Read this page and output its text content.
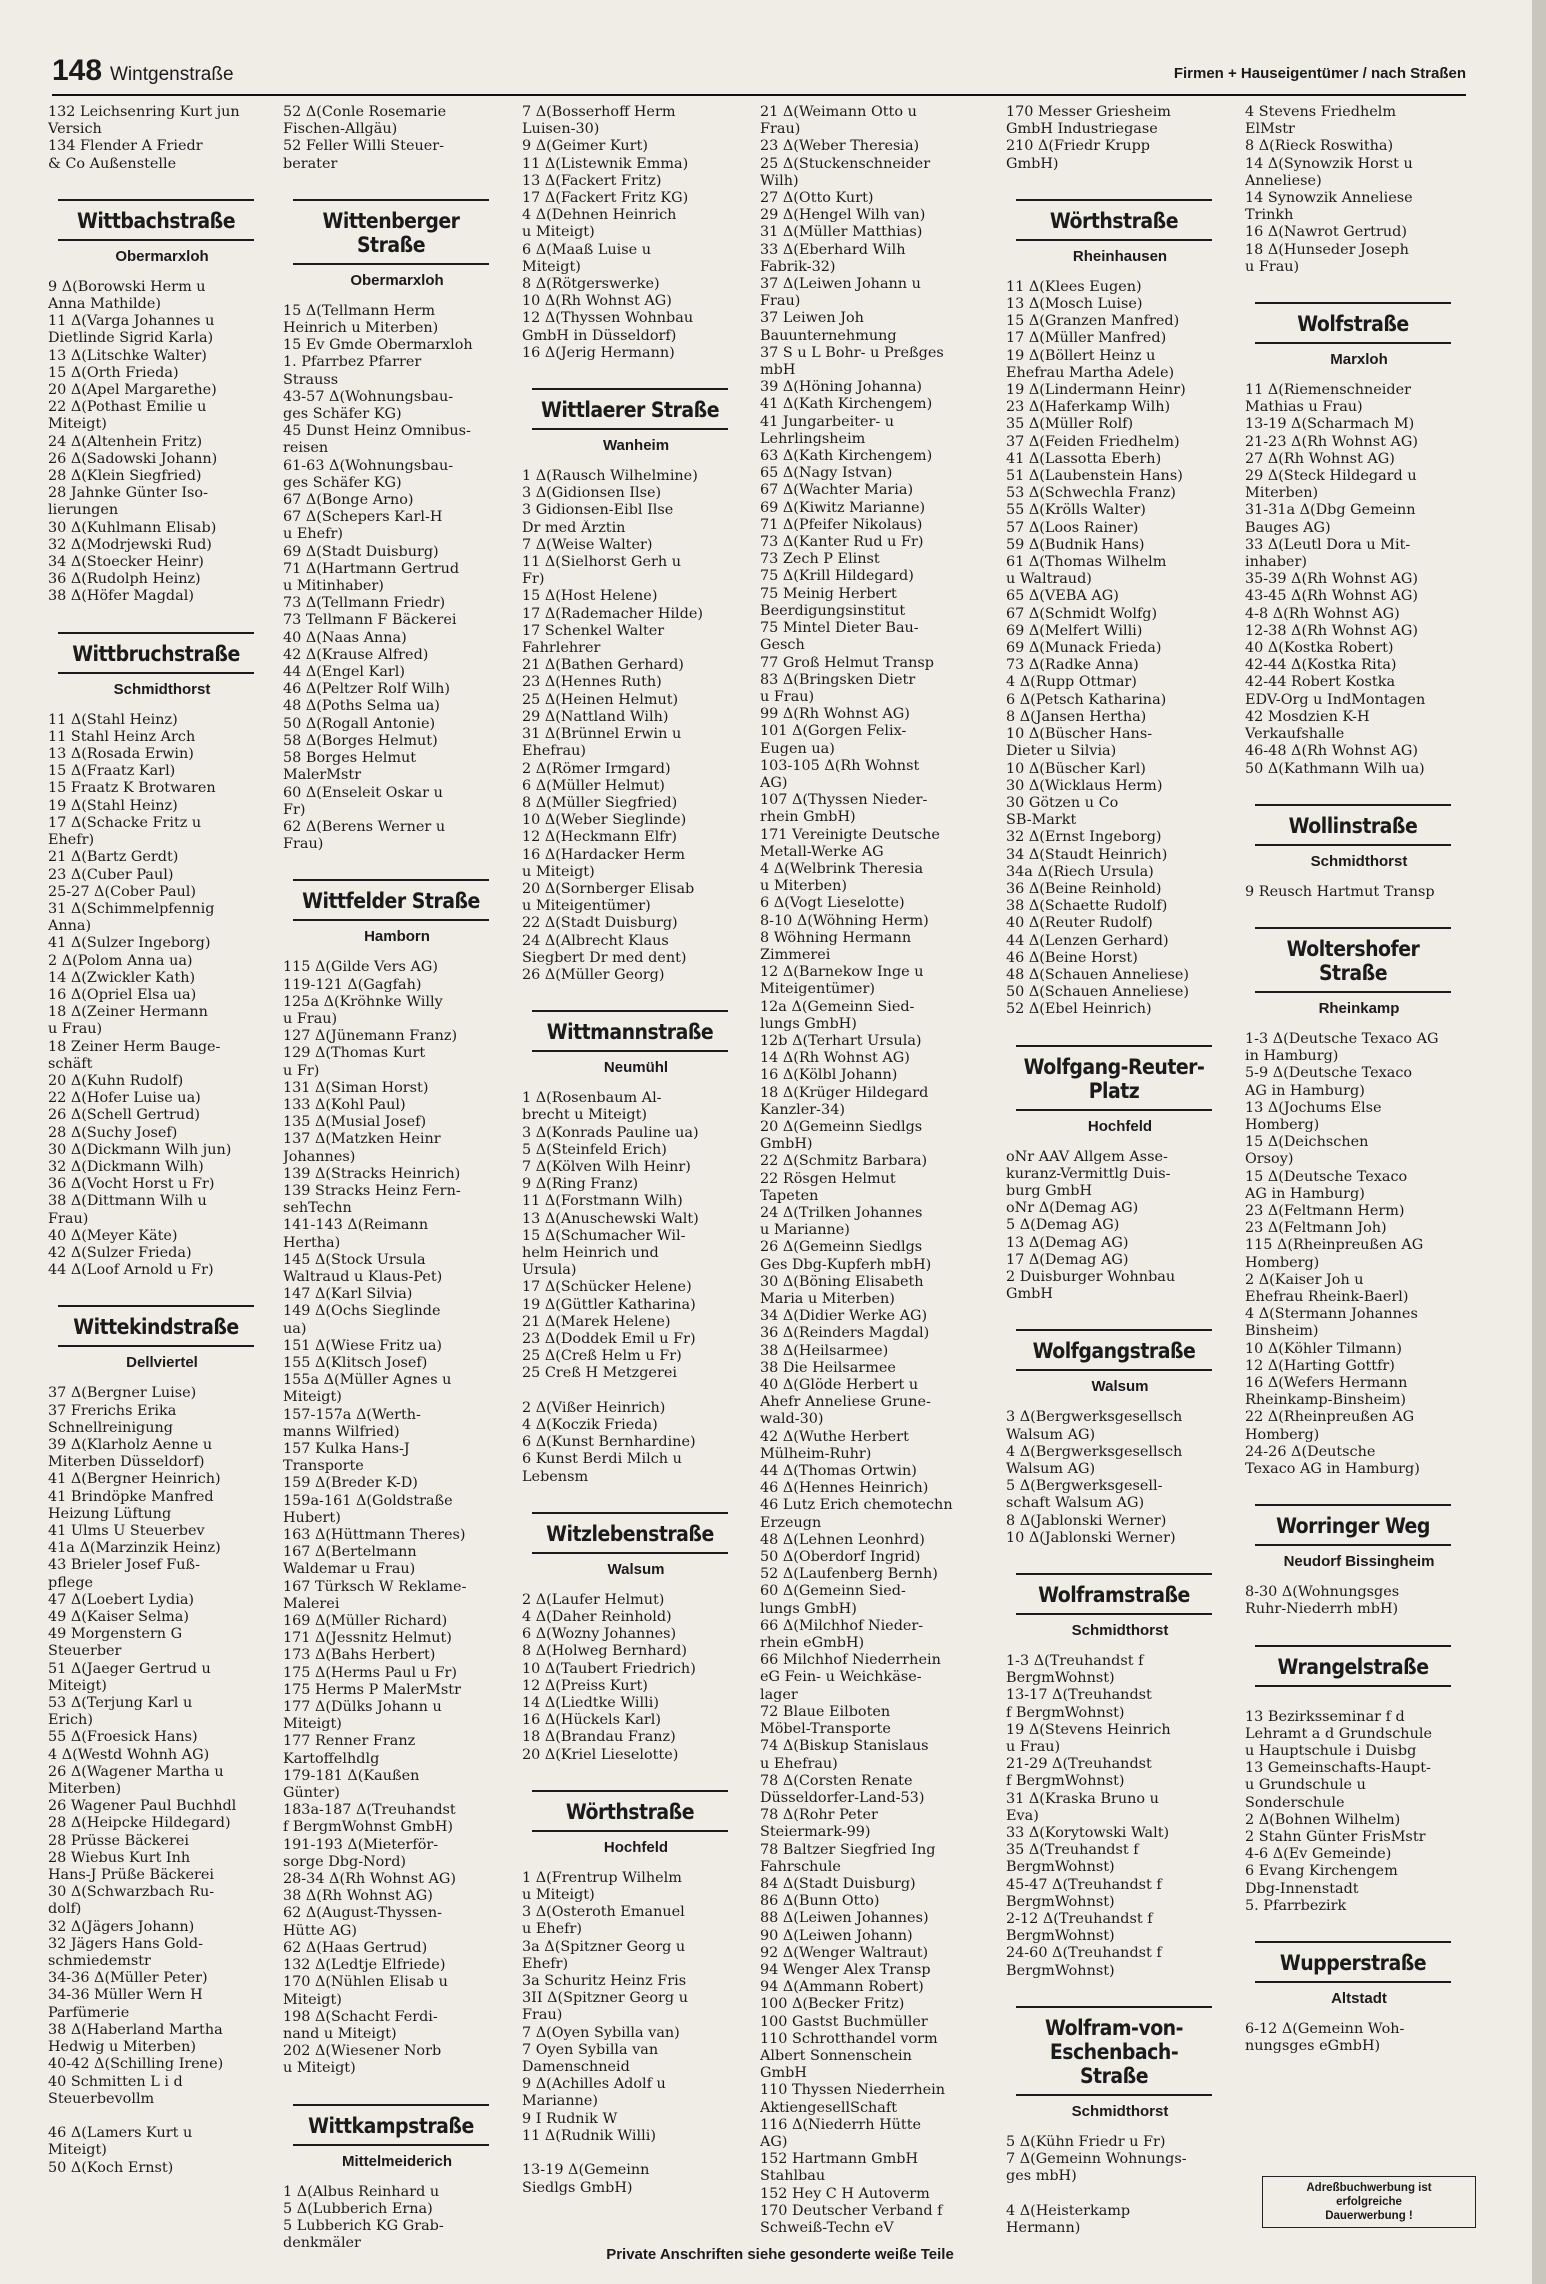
148 Wintgenstraße	Firmen + Hauseigentümer / nach Straßen
132 Leichsenring Kurt jun
Versich
134 Flender A Friedr
& Co Außenstelle
Wittbachstraße
Obermarxloh
9 Δ(Borowski Herm u
Anna Mathilde)
11 Δ(Varga Johannes u
Dietlinde Sigrid Karla)
13 Δ(Litschke Walter)
15 Δ(Orth Frieda)
20 Δ(Apel Margarethe)
22 Δ(Pothast Emilie u
Miteigt)
24 Δ(Altenhein Fritz)
26 Δ(Sadowski Johann)
28 Δ(Klein Siegfried)
28 Jahnke Günter Iso-
lierungen
30 Δ(Kuhlmann Elisab)
32 Δ(Modrjewski Rud)
34 Δ(Stoecker Heinr)
36 Δ(Rudolph Heinz)
38 Δ(Höfer Magdal)
Wittbruchstraße
Schmidthorst
11 Δ(Stahl Heinz)
11 Stahl Heinz Arch
13 Δ(Rosada Erwin)
15 Δ(Fraatz Karl)
15 Fraatz K Brotwaren
19 Δ(Stahl Heinz)
17 Δ(Schacke Fritz u
Ehefr)
21 Δ(Bartz Gerdt)
23 Δ(Cuber Paul)
25-27 Δ(Cober Paul)
31 Δ(Schimmelpfennig
Anna)
41 Δ(Sulzer Ingeborg)
2 Δ(Polom Anna ua)
14 Δ(Zwickler Kath)
16 Δ(Opriel Elsa ua)
18 Δ(Zeiner Hermann
u Frau)
18 Zeiner Herm Bauge-
schäft
20 Δ(Kuhn Rudolf)
22 Δ(Hofer Luise ua)
26 Δ(Schell Gertrud)
28 Δ(Suchy Josef)
30 Δ(Dickmann Wilh jun)
32 Δ(Dickmann Wilh)
36 Δ(Vocht Horst u Fr)
38 Δ(Dittmann Wilh u
Frau)
40 Δ(Meyer Käte)
42 Δ(Sulzer Frieda)
44 Δ(Loof Arnold u Fr)
Wittekindstraße
Dellviertel
37 Δ(Bergner Luise)
37 Frerichs Erika
Schnellreinigung
39 Δ(Klarholz Aenne u
Miterben Düsseldorf)
41 Δ(Bergner Heinrich)
41 Brindöpke Manfred
Heizung Lüftung
41 Ulms U Steuerbev
41a Δ(Marzinzik Heinz)
43 Brieler Josef Fuß-
pflege
47 Δ(Loebert Lydia)
49 Δ(Kaiser Selma)
49 Morgenstern G
Steuerber
51 Δ(Jaeger Gertrud u
Miteigt)
53 Δ(Terjung Karl u
Erich)
55 Δ(Froesick Hans)
4 Δ(Westd Wohnh AG)
26 Δ(Wagener Martha u
Miterben)
26 Wagener Paul Buchhdl
28 Δ(Heipcke Hildegard)
28 Prüsse Bäckerei
28 Wiebus Kurt Inh
Hans-J Prüße Bäckerei
30 Δ(Schwarzbach Ru-
dolf)
32 Δ(Jägers Johann)
32 Jägers Hans Gold-
schmiedemstr
34-36 Δ(Müller Peter)
34-36 Müller Wern H
Parfümerie
38 Δ(Haberland Martha
Hedwig u Miterben)
40-42 Δ(Schilling Irene)
40 Schmitten L i d
Steuerbevollm

46 Δ(Lamers Kurt u
Miteigt)
50 Δ(Koch Ernst)
52 Δ(Conle Rosemarie
Fischen-Allgäu)
52 Feller Willi Steuer-
berater
Wittenberger Straße
Obermarxloh
15 Δ(Tellmann Herm
Heinrich u Miterben)
15 Ev Gmde Obermarxloh
1. Pfarrbez Pfarrer
Strauss
43-57 Δ(Wohnungsbau-
ges Schäfer KG)
45 Dunst Heinz Omnibus-
reisen
61-63 Δ(Wohnungsbau-
ges Schäfer KG)
67 Δ(Bonge Arno)
67 Δ(Schepers Karl-H
u Ehefr)
69 Δ(Stadt Duisburg)
71 Δ(Hartmann Gertrud
u Mitinhaber)
73 Δ(Tellmann Friedr)
73 Tellmann F Bäckerei
40 Δ(Naas Anna)
42 Δ(Krause Alfred)
44 Δ(Engel Karl)
46 Δ(Peltzer Rolf Wilh)
48 Δ(Poths Selma ua)
50 Δ(Rogall Antonie)
58 Δ(Borges Helmut)
58 Borges Helmut
MalerMstr
60 Δ(Enseleit Oskar u
Fr)
62 Δ(Berens Werner u
Frau)
Wittfelder Straße
Hamborn
115 Δ(Gilde Vers AG)
119-121 Δ(Gagfah)
125a Δ(Kröhnke Willy
u Frau)
127 Δ(Jünemann Franz)
129 Δ(Thomas Kurt
u Fr)
131 Δ(Siman Horst)
133 Δ(Kohl Paul)
135 Δ(Musial Josef)
137 Δ(Matzken Heinr
Johannes)
139 Δ(Stracks Heinrich)
139 Stracks Heinz Fern-
sehTechn
141-143 Δ(Reimann
Hertha)
145 Δ(Stock Ursula
Waltraud u Klaus-Pet)
147 Δ(Karl Silvia)
149 Δ(Ochs Sieglinde
ua)
151 Δ(Wiese Fritz ua)
155 Δ(Klitsch Josef)
155a Δ(Müller Agnes u
Miteigt)
157-157a Δ(Werth-
manns Wilfried)
157 Kulka Hans-J
Transporte
159 Δ(Breder K-D)
159a-161 Δ(Goldstraße
Hubert)
163 Δ(Hüttmann Theres)
167 Δ(Bertelmann
Waldemar u Frau)
167 Türksch W Reklame-
Malerei
169 Δ(Müller Richard)
171 Δ(Jessnitz Helmut)
173 Δ(Bahs Herbert)
175 Δ(Herms Paul u Fr)
175 Herms P MalerMstr
177 Δ(Dülks Johann u
Miteigt)
177 Renner Franz
Kartoffelhdlg
179-181 Δ(Kaußen
Günter)
183a-187 Δ(Treuhandst
f BergmWohnst GmbH)
191-193 Δ(Mieterför-
sorge Dbg-Nord)
28-34 Δ(Rh Wohnst AG)
38 Δ(Rh Wohnst AG)
62 Δ(August-Thyssen-
Hütte AG)
62 Δ(Haas Gertrud)
132 Δ(Ledtje Elfriede)
170 Δ(Nühlen Elisab u
Miteigt)
198 Δ(Schacht Ferdi-
nand u Miteigt)
202 Δ(Wiesener Norb
u Miteigt)
Wittkampstraße
Mittelmeiderich
1 Δ(Albus Reinhard u
5 Δ(Lubberich Erna)
5 Lubberich KG Grab-
denkmäler
7 Δ(Bosserhoff Herm
Luisen-30)
9 Δ(Geimer Kurt)
11 Δ(Listewnik Emma)
13 Δ(Fackert Fritz)
17 Δ(Fackert Fritz KG)
4 Δ(Dehnen Heinrich
u Miteigt)
6 Δ(Maaß Luise u
Miteigt)
8 Δ(Rötgerswerke)
10 Δ(Rh Wohnst AG)
12 Δ(Thyssen Wohnbau
GmbH in Düsseldorf)
16 Δ(Jerig Hermann)
Wittlaerer Straße
Wanheim
1 Δ(Rausch Wilhelmine)
3 Δ(Gidionsen Ilse)
3 Gidionsen-Eibl Ilse
Dr med Ärztin
7 Δ(Weise Walter)
11 Δ(Sielhorst Gerh u
Fr)
15 Δ(Host Helene)
17 Δ(Rademacher Hilde)
17 Schenkel Walter
Fahrlehrer
21 Δ(Bathen Gerhard)
23 Δ(Hennes Ruth)
25 Δ(Heinen Helmut)
29 Δ(Nattland Wilh)
31 Δ(Brünnel Erwin u
Ehefrau)
2 Δ(Römer Irmgard)
6 Δ(Müller Helmut)
8 Δ(Müller Siegfried)
10 Δ(Weber Sieglinde)
12 Δ(Heckmann Elfr)
16 Δ(Hardacker Herm
u Miteigt)
20 Δ(Sornberger Elisab
u Miteigentümer)
22 Δ(Stadt Duisburg)
24 Δ(Albrecht Klaus
Siegbert Dr med dent)
26 Δ(Müller Georg)
Wittmannstraße
Neumühl
1 Δ(Rosenbaum Al-
brecht u Miteigt)
3 Δ(Konrads Pauline ua)
5 Δ(Steinfeld Erich)
7 Δ(Kölven Wilh Heinr)
9 Δ(Ring Franz)
11 Δ(Forstmann Wilh)
13 Δ(Anuschewski Walt)
15 Δ(Schumacher Wil-
helm Heinrich und
Ursula)
17 Δ(Schücker Helene)
19 Δ(Güttler Katharina)
21 Δ(Marek Helene)
23 Δ(Doddek Emil u Fr)
25 Δ(Creß Helm u Fr)
25 Creß H Metzgerei

2 Δ(Vißer Heinrich)
4 Δ(Koczik Frieda)
6 Δ(Kunst Bernhardine)
6 Kunst Berdi Milch u
Lebensm
Witzlebenstraße
Walsum
2 Δ(Laufer Helmut)
4 Δ(Daher Reinhold)
6 Δ(Wozny Johannes)
8 Δ(Holweg Bernhard)
10 Δ(Taubert Friedrich)
12 Δ(Preiss Kurt)
14 Δ(Liedtke Willi)
16 Δ(Hückels Karl)
18 Δ(Brandau Franz)
20 Δ(Kriel Lieselotte)
Wörthstraße
Hochfeld
1 Δ(Frentrup Wilhelm
u Miteigt)
3 Δ(Osteroth Emanuel
u Ehefr)
3a Δ(Spitzner Georg u
Ehefr)
3a Schuritz Heinz Fris
3II Δ(Spitzner Georg u
Frau)
7 Δ(Oyen Sybilla van)
7 Oyen Sybilla van
Damenschneid
9 Δ(Achilles Adolf u
Marianne)
9 I Rudnik W
11 Δ(Rudnik Willi)

13-19 Δ(Gemeinn
Siedlgs GmbH)
21 Δ(Weimann Otto u
Frau)
23 Δ(Weber Theresia)
25 Δ(Stuckenschneider
Wilh)
27 Δ(Otto Kurt)
29 Δ(Hengel Wilh van)
31 Δ(Müller Matthias)
33 Δ(Eberhard Wilh
Fabrik-32)
37 Δ(Leiwen Johann u
Frau)
37 Leiwen Joh
Bauunternehmung
37 S u L Bohr- u Preßges
mbH
39 Δ(Höning Johanna)
41 Δ(Kath Kirchengem)
41 Jungarbeiter- u
Lehrlingsheim
63 Δ(Kath Kirchengem)
65 Δ(Nagy Istvan)
67 Δ(Wachter Maria)
69 Δ(Kiwitz Marianne)
71 Δ(Pfeifer Nikolaus)
73 Δ(Kanter Rud u Fr)
73 Zech P Elinst
75 Δ(Krill Hildegard)
75 Meinig Herbert
Beerdigungsinstitut
75 Mintel Dieter Bau-
Gesch
77 Groß Helmut Transp
83 Δ(Bringsken Dietr
u Frau)
99 Δ(Rh Wohnst AG)
101 Δ(Gorgen Felix-
Eugen ua)
103-105 Δ(Rh Wohnst
AG)
107 Δ(Thyssen Nieder-
rhein GmbH)
171 Vereinigte Deutsche
Metall-Werke AG
4 Δ(Welbrink Theresia
u Miterben)
6 Δ(Vogt Lieselotte)
8-10 Δ(Wöhning Herm)
8 Wöhning Hermann
Zimmerei
12 Δ(Barnekow Inge u
Miteigentümer)
12a Δ(Gemeinn Sied-
lungs GmbH)
12b Δ(Terhart Ursula)
14 Δ(Rh Wohnst AG)
16 Δ(Kölbl Johann)
18 Δ(Krüger Hildegard
Kanzler-34)
20 Δ(Gemeinn Siedlgs
GmbH)
22 Δ(Schmitz Barbara)
22 Rösgen Helmut
Tapeten
24 Δ(Trilken Johannes
u Marianne)
26 Δ(Gemeinn Siedlgs
Ges Dbg-Kupferh mbH)
30 Δ(Böning Elisabeth
Maria u Miterben)
34 Δ(Didier Werke AG)
36 Δ(Reinders Magdal)
38 Δ(Heilsarmee)
38 Die Heilsarmee
40 Δ(Glöde Herbert u
Ahefr Anneliese Grune-
wald-30)
42 Δ(Wuthe Herbert
Mülheim-Ruhr)
44 Δ(Thomas Ortwin)
46 Δ(Hennes Heinrich)
46 Lutz Erich chemotechn
Erzeugn
48 Δ(Lehnen Leonhrd)
50 Δ(Oberdorf Ingrid)
52 Δ(Laufenberg Bernh)
60 Δ(Gemeinn Sied-
lungs GmbH)
66 Δ(Milchhof Nieder-
rhein eGmbH)
66 Milchhof Niederrhein
eG Fein- u Weichkäse-
lager
72 Blaue Eilboten
Möbel-Transporte
74 Δ(Biskup Stanislaus
u Ehefrau)
78 Δ(Corsten Renate
Düsseldorfer-Land-53)
78 Δ(Rohr Peter
Steiermark-99)
78 Baltzer Siegfried Ing
Fahrschule
84 Δ(Stadt Duisburg)
86 Δ(Bunn Otto)
88 Δ(Leiwen Johannes)
90 Δ(Leiwen Johann)
92 Δ(Wenger Waltraut)
94 Wenger Alex Transp
94 Δ(Ammann Robert)
100 Δ(Becker Fritz)
100 Gastst Buchmüller
110 Schrotthandel vorm
Albert Sonnenschein
GmbH
110 Thyssen Niederrhein
AktiengesellSchaft
116 Δ(Niederrh Hütte
AG)
152 Hartmann GmbH
Stahlbau
152 Hey C H Autoverm
170 Deutscher Verband f
Schweiß-Techn eV
170 Messer Griesheim
GmbH Industriegase
210 Δ(Friedr Krupp
GmbH)
Wörthstraße
Rheinhausen
11 Δ(Klees Eugen)
13 Δ(Mosch Luise)
15 Δ(Granzen Manfred)
17 Δ(Müller Manfred)
19 Δ(Böllert Heinz u
Ehefrau Martha Adele)
19 Δ(Lindermann Heinr)
23 Δ(Haferkamp Wilh)
35 Δ(Müller Rolf)
37 Δ(Feiden Friedhelm)
41 Δ(Lassotta Eberh)
51 Δ(Laubenstein Hans)
53 Δ(Schwechla Franz)
55 Δ(Krölls Walter)
57 Δ(Loos Rainer)
59 Δ(Budnik Hans)
61 Δ(Thomas Wilhelm
u Waltraud)
65 Δ(VEBA AG)
67 Δ(Schmidt Wolfg)
69 Δ(Melfert Willi)
69 Δ(Munack Frieda)
73 Δ(Radke Anna)
4 Δ(Rupp Ottmar)
6 Δ(Petsch Katharina)
8 Δ(Jansen Hertha)
10 Δ(Büscher Hans-
Dieter u Silvia)
10 Δ(Büscher Karl)
30 Δ(Wicklaus Herm)
30 Götzen u Co
SB-Markt
32 Δ(Ernst Ingeborg)
34 Δ(Staudt Heinrich)
34a Δ(Riech Ursula)
36 Δ(Beine Reinhold)
38 Δ(Schaette Rudolf)
40 Δ(Reuter Rudolf)
44 Δ(Lenzen Gerhard)
46 Δ(Beine Horst)
48 Δ(Schauen Anneliese)
50 Δ(Schauen Anneliese)
52 Δ(Ebel Heinrich)
Wolfgang-Reuter-Platz
Hochfeld
oNr AAV Allgem Asse-
kuranz-Vermittlg Duis-
burg GmbH
oNr Δ(Demag AG)
5 Δ(Demag AG)
13 Δ(Demag AG)
17 Δ(Demag AG)
2 Duisburger Wohnbau
GmbH
Wolfgangstraße
Walsum
3 Δ(Bergwerksgesellsch
Walsum AG)
4 Δ(Bergwerksgesellsch
Walsum AG)
5 Δ(Bergwerksgesell-
schaft Walsum AG)
8 Δ(Jablonski Werner)
10 Δ(Jablonski Werner)
Wolframstraße
Schmidthorst
1-3 Δ(Treuhandst f
BergmWohnst)
13-17 Δ(Treuhandst
f BergmWohnst)
19 Δ(Stevens Heinrich
u Frau)
21-29 Δ(Treuhandst
f BergmWohnst)
31 Δ(Kraska Bruno u
Eva)
33 Δ(Korytowski Walt)
35 Δ(Treuhandst f
BergmWohnst)
45-47 Δ(Treuhandst f
BergmWohnst)
2-12 Δ(Treuhandst f
BergmWohnst)
24-60 Δ(Treuhandst f
BergmWohnst)
Wolfram-von-Eschenbach-Straße
Schmidthorst
5 Δ(Kühn Friedr u Fr)
7 Δ(Gemeinn Wohnungs-
ges mbH)

4 Δ(Heisterkamp
Hermann)
4 Stevens Friedhelm
ElMstr
8 Δ(Rieck Roswitha)
14 Δ(Synowzik Horst u
Anneliese)
14 Synowzik Anneliese
Trinkh
16 Δ(Nawrot Gertrud)
18 Δ(Hunseder Joseph
u Frau)
Wolfstraße
Marxloh
11 Δ(Riemenschneider
Mathias u Frau)
13-19 Δ(Scharmach M)
21-23 Δ(Rh Wohnst AG)
27 Δ(Rh Wohnst AG)
29 Δ(Steck Hildegard u
Miterben)
31-31a Δ(Dbg Gemeinn
Bauges AG)
33 Δ(Leutl Dora u Mit-
inhaber)
35-39 Δ(Rh Wohnst AG)
43-45 Δ(Rh Wohnst AG)
4-8 Δ(Rh Wohnst AG)
12-38 Δ(Rh Wohnst AG)
40 Δ(Kostka Robert)
42-44 Δ(Kostka Rita)
42-44 Robert Kostka
EDV-Org u IndMontagen
42 Mosdzien K-H
Verkaufshalle
46-48 Δ(Rh Wohnst AG)
50 Δ(Kathmann Wilh ua)
Wollinstraße
Schmidthorst
9 Reusch Hartmut Transp
Woltershofer Straße
Rheinkamp
1-3 Δ(Deutsche Texaco AG
in Hamburg)
5-9 Δ(Deutsche Texaco
AG in Hamburg)
13 Δ(Jochums Else
Homberg)
15 Δ(Deichschen
Orsoy)
15 Δ(Deutsche Texaco
AG in Hamburg)
23 Δ(Feltmann Herm)
23 Δ(Feltmann Joh)
115 Δ(Rheinpreußen AG
Homberg)
2 Δ(Kaiser Joh u
Ehefrau Rheink-Baerl)
4 Δ(Stermann Johannes
Binsheim)
10 Δ(Köhler Tilmann)
12 Δ(Harting Gottfr)
16 Δ(Wefers Hermann
Rheinkamp-Binsheim)
22 Δ(Rheinpreußen AG
Homberg)
24-26 Δ(Deutsche
Texaco AG in Hamburg)
Worringer Weg
Neudorf Bissingheim
8-30 Δ(Wohnungsges
Ruhr-Niederrh mbH)
Wrangelstraße
13 Bezirksseminar f d
Lehramt a d Grundschule
u Hauptschule i Duisbg
13 Gemeinschafts-Haupt-
u Grundschule u
Sonderschule
2 Δ(Bohnen Wilhelm)
2 Stahn Günter FrisMstr
4-6 Δ(Ev Gemeinde)
6 Evang Kirchengem
Dbg-Innenstadt
5. Pfarrbezirk
Wupperstraße
Altstadt
6-12 Δ(Gemeinn Woh-
nungsges eGmbH)
Adreßbuchwerbung ist
erfolgreiche
Dauerwerbung !
Private Anschriften siehe gesonderte weiße Teile
